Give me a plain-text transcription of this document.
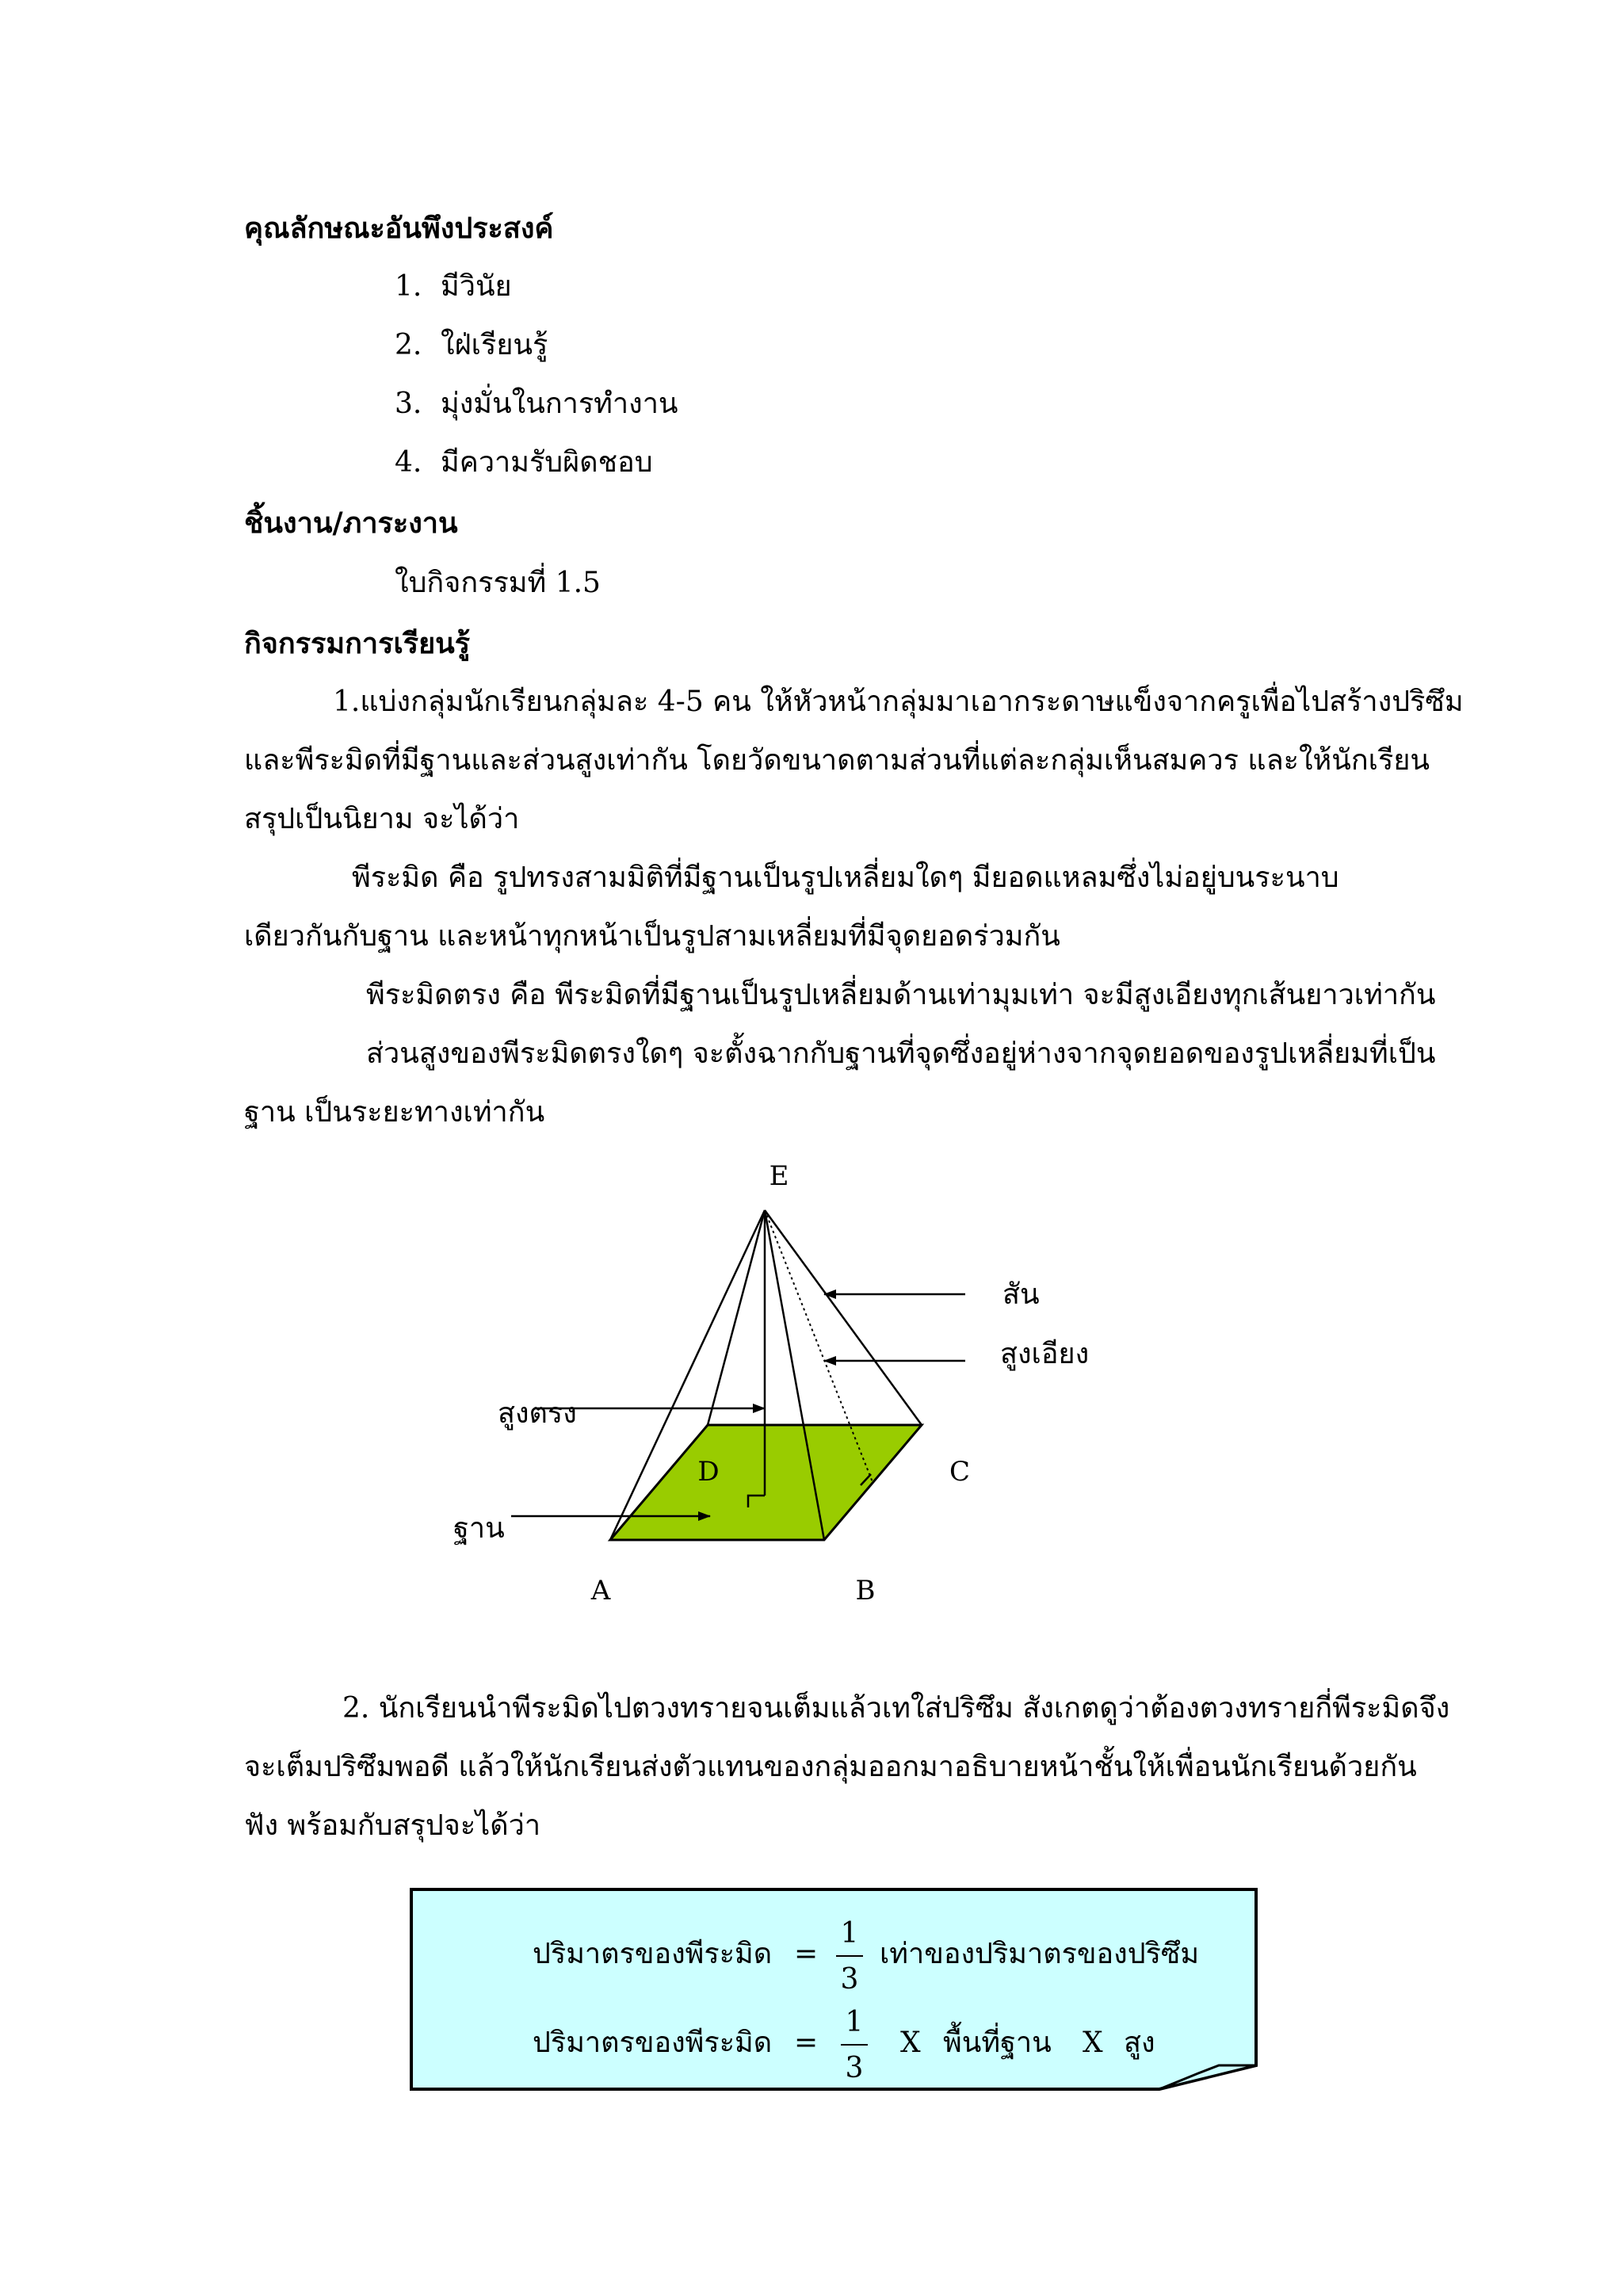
คุณลักษณะอันพึงประสงค์
1. มีวินัย
2. ใฝ่เรียนรู้
3. มุ่งมั่นในการทำงาน
4. มีความรับผิดชอบ
ชิ้นงาน/ภาระงาน
ใบกิจกรรมที่ 1.5
กิจกรรมการเรียนรู้
1.แบ่งกลุ่มนักเรียนกลุ่มละ 4-5 คน ให้หัวหน้ากลุ่มมาเอากระดาษแข็งจากครูเพื่อไปสร้างปริซึม
และพีระมิดที่มีฐานและส่วนสูงเท่ากัน โดยวัดขนาดตามส่วนที่แต่ละกลุ่มเห็นสมควร และให้นักเรียน
สรุปเป็นนิยาม จะได้ว่า
พีระมิด คือ รูปทรงสามมิติที่มีฐานเป็นรูปเหลี่ยมใดๆ มียอดแหลมซึ่งไม่อยู่บนระนาบ
เดียวกันกับฐาน และหน้าทุกหน้าเป็นรูปสามเหลี่ยมที่มีจุดยอดร่วมกัน
พีระมิดตรง คือ พีระมิดที่มีฐานเป็นรูปเหลี่ยมด้านเท่ามุมเท่า จะมีสูงเอียงทุกเส้นยาวเท่ากัน
ส่วนสูงของพีระมิดตรงใดๆ จะตั้งฉากกับฐานที่จุดซึ่งอยู่ห่างจากจุดยอดของรูปเหลี่ยมที่เป็น
ฐาน เป็นระยะทางเท่ากัน
E
D	C
A	B
สัน
สูงเอียง
สูงตรง
ฐาน
2. นักเรียนนำพีระมิดไปตวงทรายจนเต็มแล้วเทใส่ปริซึม สังเกตดูว่าต้องตวงทรายกี่พีระมิดจึง
จะเต็มปริซึมพอดี แล้วให้นักเรียนส่งตัวแทนของกลุ่มออกมาอธิบายหน้าชั้นให้เพื่อนนักเรียนด้วยกัน
ฟัง พร้อมกับสรุปจะได้ว่า
ปริมาตรของพีระมิด =
1
3
เท่าของปริมาตรของปริซึม
ปริมาตรของพีระมิด =
1
3
X พื้นที่ฐาน X สูง
